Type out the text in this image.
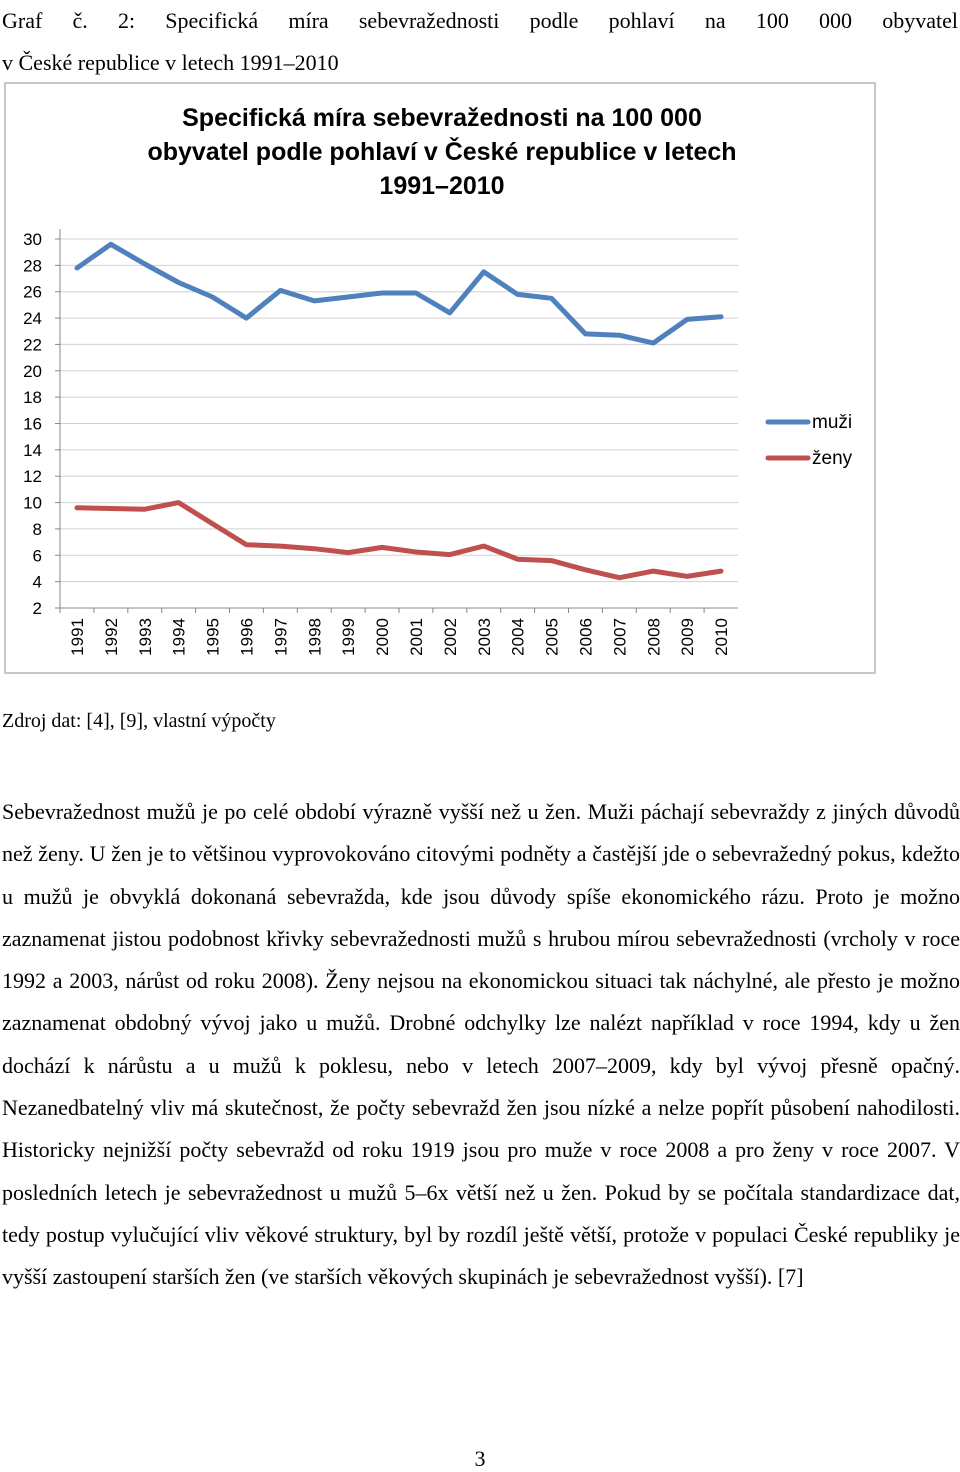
Graf č. 2: Specifická míra sebevražednosti podle pohlaví na 100 000 obyvatel
v České republice v letech 1991–2010
Specifická míra sebevražednosti na 100 000
obyvatel podle pohlaví v České republice v letech
1991–2010
2
4
6
8
10
12
14
16
18
20
22
24
26
28
30
1991 1992 1993 1994 1995 1996 1997 1998 1999 2000 2001 2002 2003 2004 2005 2006 2007 2008 2009 2010
muži
ženy
Zdroj dat: [4], [9], vlastní výpočty
Sebevražednost mužů je po celé období výrazně vyšší než u žen. Muži páchají sebevraždy z jiných důvodů než ženy. U žen je to většinou vyprovokováno citovými podněty a častější jde o sebevražedný pokus, kdežto u mužů je obvyklá dokonaná sebevražda, kde jsou důvody spíše ekonomického rázu. Proto je možno zaznamenat jistou podobnost křivky sebevražednosti mužů s hrubou mírou sebevražednosti (vrcholy v roce 1992 a 2003, nárůst od roku 2008). Ženy nejsou na ekonomickou situaci tak náchylné, ale přesto je možno zaznamenat obdobný vývoj jako u mužů. Drobné odchylky lze nalézt například v roce 1994, kdy u žen dochází k nárůstu a u mužů k poklesu, nebo v letech 2007–2009, kdy byl vývoj přesně opačný. Nezanedbatelný vliv má skutečnost, že počty sebevražd žen jsou nízké a nelze popřít působení nahodilosti. Historicky nejnižší počty sebevražd od roku 1919 jsou pro muže v roce 2008 a pro ženy v roce 2007. V posledních letech je sebevražednost u mužů 5–6x větší než u žen. Pokud by se počítala standardizace dat, tedy postup vylučující vliv věkové struktury, byl by rozdíl ještě větší, protože v populaci České republiky je vyšší zastoupení starších žen (ve starších věkových skupinách je sebevražednost vyšší). [7]
3
